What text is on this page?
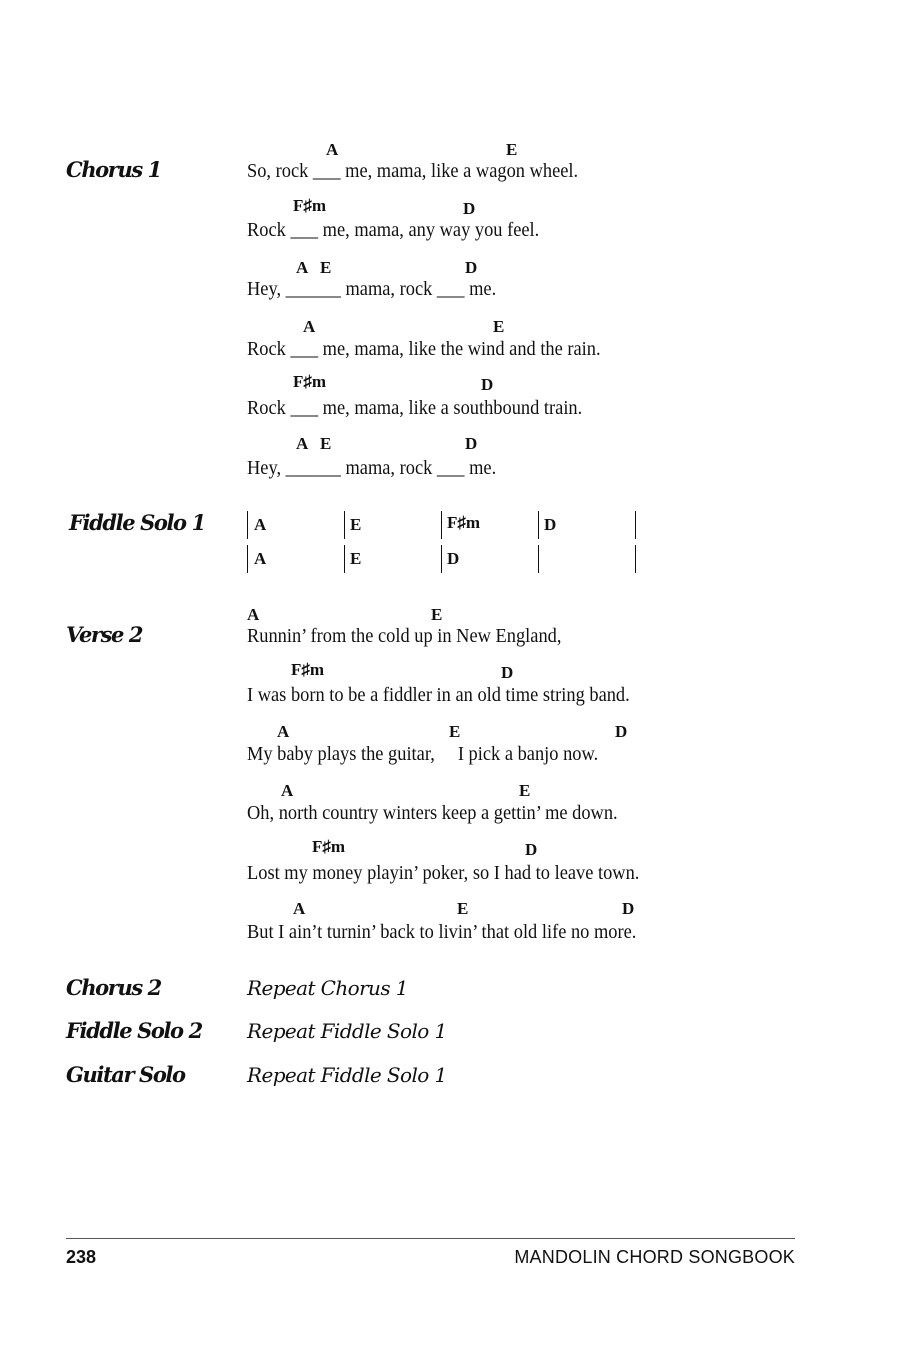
Chorus 1
Fiddle Solo 1
Verse 2
Chorus 2
Fiddle Solo 2
Guitar Solo
A	E
So, rock ___ me, mama, like a wagon wheel.
F♯m	D
Rock ___ me, mama, any way you feel.
A E	D
Hey, ______ mama, rock ___ me.
A	E
Rock ___ me, mama, like the wind and the rain.
F♯m	D
Rock ___ me, mama, like a southbound train.
A E	D
Hey, ______ mama, rock ___ me.
A	E	F♯m	D
A	E	D
A	E
Runnin’ from the cold up in New England,
F♯m	D
I was born to be a fiddler in an old time string band.
A	E	D
My baby plays the guitar,     I pick a banjo now.
A	E
Oh, north country winters keep a gettin’ me down.
F♯m	D
Lost my money playin’ poker, so I had to leave town.
A	E	D
But I ain’t turnin’ back to livin’ that old life no more.
Repeat Chorus 1
Repeat Fiddle Solo 1
Repeat Fiddle Solo 1
238	MANDOLIN CHORD SONGBOOK
